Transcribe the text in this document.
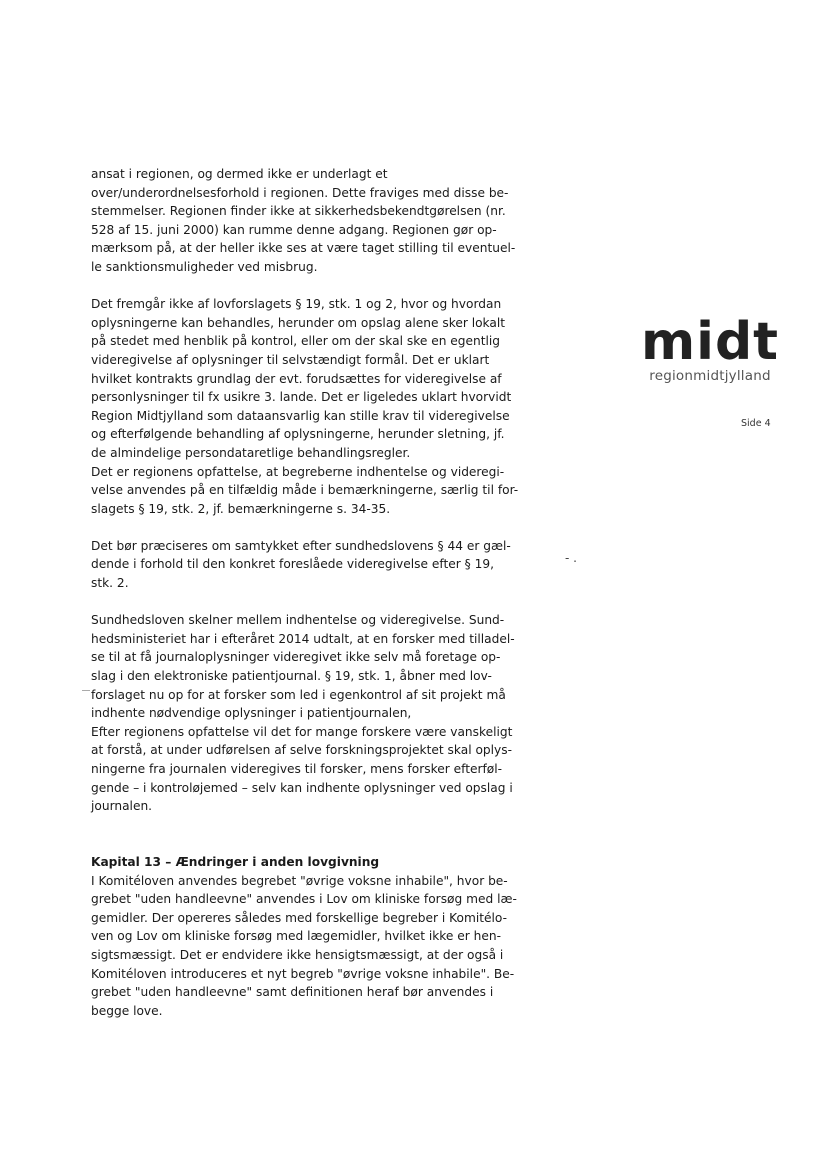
midt
regionmidtjylland
Side 4
- .
ansat i regionen, og dermed ikke er underlagt et
over/underordnelsesforhold i regionen. Dette fraviges med disse be-
stemmelser. Regionen finder ikke at sikkerhedsbekendtgørelsen (nr.
528 af 15. juni 2000) kan rumme denne adgang. Regionen gør op-
mærksom på, at der heller ikke ses at være taget stilling til eventuel-
le sanktionsmuligheder ved misbrug.
Det fremgår ikke af lovforslagets § 19, stk. 1 og 2, hvor og hvordan
oplysningerne kan behandles, herunder om opslag alene sker lokalt
på stedet med henblik på kontrol, eller om der skal ske en egentlig
videregivelse af oplysninger til selvstændigt formål. Det er uklart
hvilket kontrakts grundlag der evt. forudsættes for videregivelse af
personlysninger til fx usikre 3. lande. Det er ligeledes uklart hvorvidt
Region Midtjylland som dataansvarlig kan stille krav til videregivelse
og efterfølgende behandling af oplysningerne, herunder sletning, jf.
de almindelige persondataretlige behandlingsregler.
Det er regionens opfattelse, at begreberne indhentelse og videregi-
velse anvendes på en tilfældig måde i bemærkningerne, særlig til for-
slagets § 19, stk. 2, jf. bemærkningerne s. 34-35.
Det bør præciseres om samtykket efter sundhedslovens § 44 er gæl-
dende i forhold til den konkret foreslåede videregivelse efter § 19,
stk. 2.
Sundhedsloven skelner mellem indhentelse og videregivelse. Sund-
hedsministeriet har i efteråret 2014 udtalt, at en forsker med tilladel-
se til at få journaloplysninger videregivet ikke selv må foretage op-
slag i den elektroniske patientjournal. § 19, stk. 1, åbner med lov-
forslaget nu op for at forsker som led i egenkontrol af sit projekt må
indhente nødvendige oplysninger i patientjournalen,
Efter regionens opfattelse vil det for mange forskere være vanskeligt
at forstå, at under udførelsen af selve forskningsprojektet skal oplys-
ningerne fra journalen videregives til forsker, mens forsker efterføl-
gende – i kontroløjemed – selv kan indhente oplysninger ved opslag i
journalen.
Kapital 13 – Ændringer i anden lovgivning
I Komitéloven anvendes begrebet "øvrige voksne inhabile", hvor be-
grebet "uden handleevne" anvendes i Lov om kliniske forsøg med læ-
gemidler. Der opereres således med forskellige begreber i Komitélo-
ven og Lov om kliniske forsøg med lægemidler, hvilket ikke er hen-
sigtsmæssigt. Det er endvidere ikke hensigtsmæssigt, at der også i
Komitéloven introduceres et nyt begreb "øvrige voksne inhabile". Be-
grebet "uden handleevne" samt definitionen heraf bør anvendes i
begge love.
